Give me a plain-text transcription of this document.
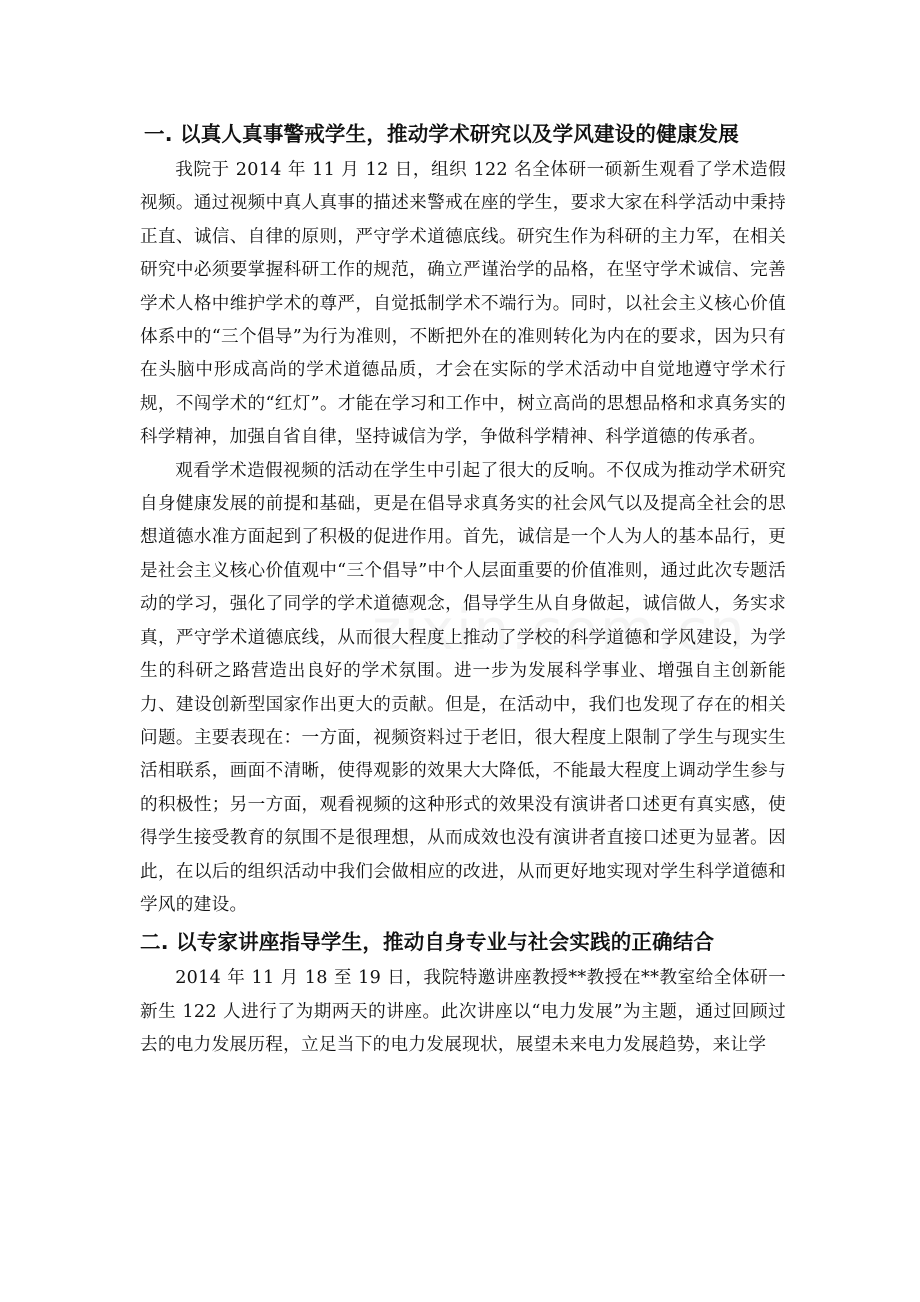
一. 以真人真事警戒学生，推动学术研究以及学风建设的健康发展

我院于 2014 年 11 月 12 日，组织 122 名全体研一硕新生观看了学术造假视频。通过视频中真人真事的描述来警戒在座的学生，要求大家在科学活动中秉持正直、诚信、自律的原则，严守学术道德底线。研究生作为科研的主力军，在相关研究中必须要掌握科研工作的规范，确立严谨治学的品格，在坚守学术诚信、完善学术人格中维护学术的尊严，自觉抵制学术不端行为。同时，以社会主义核心价值体系中的“三个倡导”为行为准则，不断把外在的准则转化为内在的要求，因为只有在头脑中形成高尚的学术道德品质，才会在实际的学术活动中自觉地遵守学术行规，不闯学术的“红灯”。才能在学习和工作中，树立高尚的思想品格和求真务实的科学精神，加强自省自律，坚持诚信为学，争做科学精神、科学道德的传承者。

观看学术造假视频的活动在学生中引起了很大的反响。不仅成为推动学术研究自身健康发展的前提和基础，更是在倡导求真务实的社会风气以及提高全社会的思想道德水准方面起到了积极的促进作用。首先，诚信是一个人为人的基本品行，更是社会主义核心价值观中“三个倡导”中个人层面重要的价值准则，通过此次专题活动的学习，强化了同学的学术道德观念，倡导学生从自身做起，诚信做人，务实求真，严守学术道德底线，从而很大程度上推动了学校的科学道德和学风建设，为学生的科研之路营造出良好的学术氛围。进一步为发展科学事业、增强自主创新能力、建设创新型国家作出更大的贡献。但是，在活动中，我们也发现了存在的相关问题。主要表现在：一方面，视频资料过于老旧，很大程度上限制了学生与现实生活相联系，画面不清晰，使得观影的效果大大降低，不能最大程度上调动学生参与的积极性；另一方面，观看视频的这种形式的效果没有演讲者口述更有真实感，使得学生接受教育的氛围不是很理想，从而成效也没有演讲者直接口述更为显著。因此，在以后的组织活动中我们会做相应的改进，从而更好地实现对学生科学道德和学风的建设。

二. 以专家讲座指导学生，推动自身专业与社会实践的正确结合

2014 年 11 月 18 至 19 日，我院特邀讲座教授**教授在**教室给全体研一新生 122 人进行了为期两天的讲座。此次讲座以“电力发展”为主题，通过回顾过去的电力发展历程，立足当下的电力发展现状，展望未来电力发展趋势，来让学
